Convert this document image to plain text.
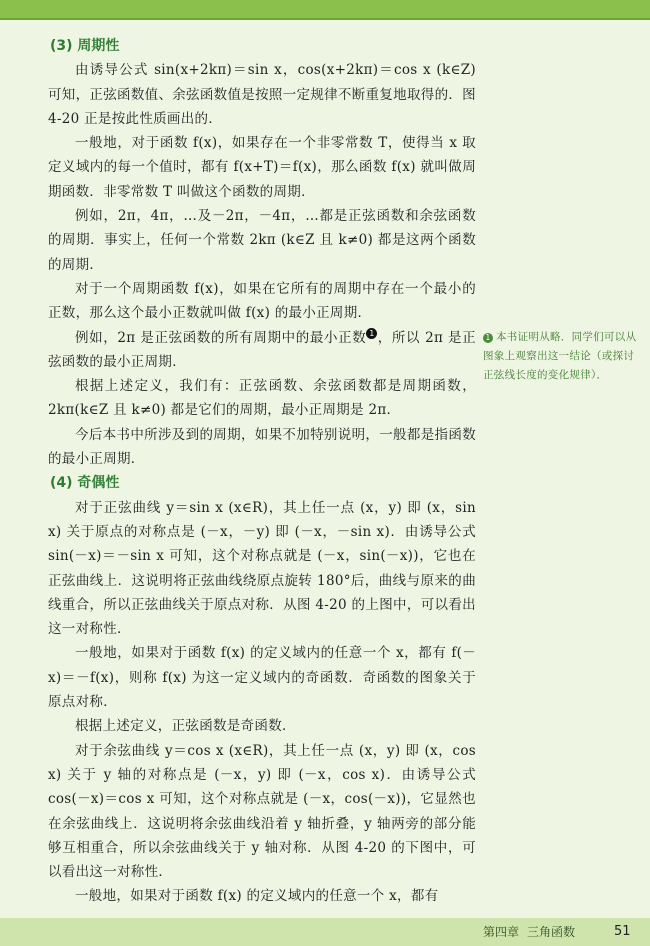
(3) 周期性

由诱导公式 sin(x+2kπ)＝sin x，cos(x+2kπ)＝cos x (k∈Z) 可知，正弦函数值、余弦函数值是按照一定规律不断重复地取得的．图 4-20 正是按此性质画出的．

一般地，对于函数 f(x)，如果存在一个非零常数 T，使得当 x 取定义域内的每一个值时，都有 f(x+T)＝f(x)，那么函数 f(x) 就叫做周期函数．非零常数 T 叫做这个函数的周期．

例如，2π，4π，…及－2π，－4π，…都是正弦函数和余弦函数的周期．事实上，任何一个常数 2kπ (k∈Z 且 k≠0) 都是这两个函数的周期．

对于一个周期函数 f(x)，如果在它所有的周期中存在一个最小的正数，那么这个最小正数就叫做 f(x) 的最小正周期．

例如，2π 是正弦函数的所有周期中的最小正数 1 ，所以 2π 是正弦函数的最小正周期．

根据上述定义，我们有：正弦函数、余弦函数都是周期函数，2kπ(k∈Z 且 k≠0) 都是它们的周期，最小正周期是 2π．

今后本书中所涉及到的周期，如果不加特别说明，一般都是指函数的最小正周期．

(4) 奇偶性

对于正弦曲线 y＝sin x (x∈R)，其上任一点 (x，y) 即 (x，sin x) 关于原点的对称点是 (－x，－y) 即 (－x，－sin x)．由诱导公式 sin(－x)＝－sin x 可知，这个对称点就是 (－x，sin(－x))，它也在正弦曲线上．这说明将正弦曲线绕原点旋转 180°后，曲线与原来的曲线重合，所以正弦曲线关于原点对称．从图 4-20 的上图中，可以看出这一对称性．

一般地，如果对于函数 f(x) 的定义域内的任意一个 x，都有 f(－x)＝－f(x)，则称 f(x) 为这一定义域内的奇函数．奇函数的图象关于原点对称．

根据上述定义，正弦函数是奇函数．

对于余弦曲线 y＝cos x (x∈R)，其上任一点 (x，y) 即 (x，cos x) 关于 y 轴的对称点是 (－x，y) 即 (－x，cos x)．由诱导公式 cos(－x)＝cos x 可知，这个对称点就是 (－x，cos(－x))，它显然也在余弦曲线上．这说明将余弦曲线沿着 y 轴折叠，y 轴两旁的部分能够互相重合，所以余弦曲线关于 y 轴对称．从图 4-20 的下图中，可以看出这一对称性．

一般地，如果对于函数 f(x) 的定义域内的任意一个 x，都有

1 本书证明从略．同学们可以从图象上观察出这一结论（或探讨正弦线长度的变化规律）．
第四章 三角函数	51
